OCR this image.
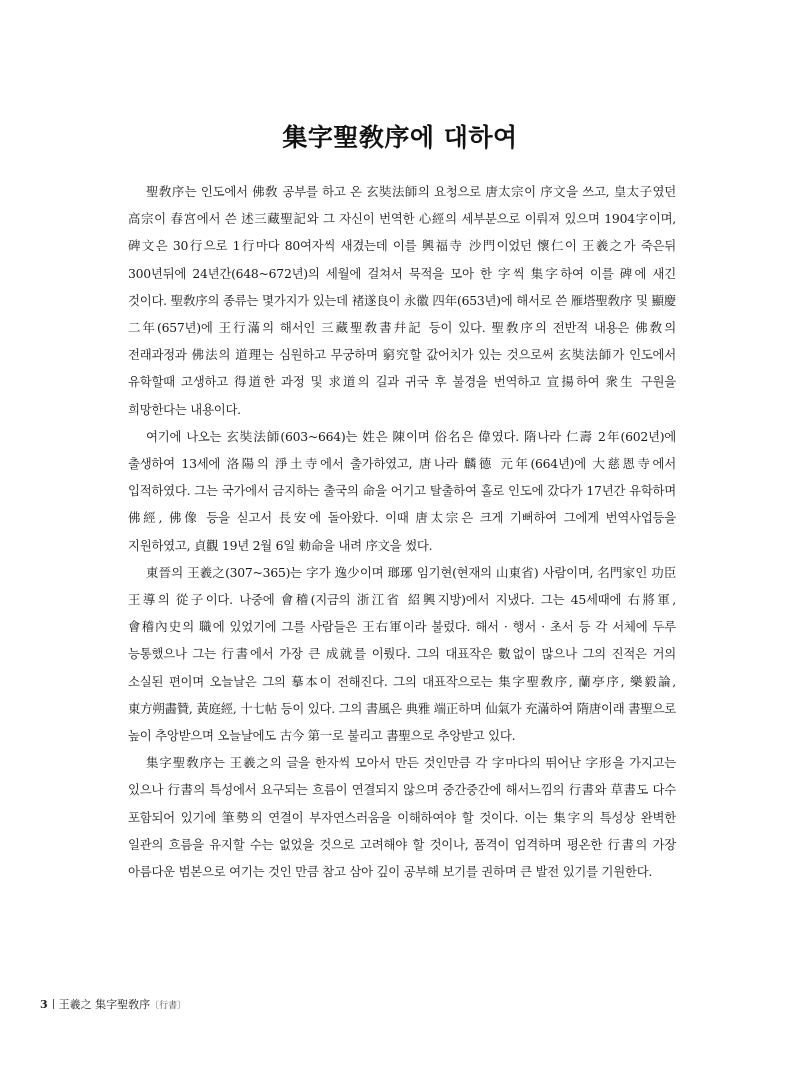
集字聖敎序에 대하여

聖敎序는 인도에서 佛敎 공부를 하고 온 玄奘法師의 요청으로 唐太宗이 序文을 쓰고, 皇太子였던 高宗이 春宮에서 쓴 述三藏聖記와 그 자신이 번역한 心經의 세부분으로 이뤄져 있으며 1904字이며, 碑文은 30行으로 1行마다 80여자씩 새겼는데 이를 興福寺 沙門이었던 懷仁이 王羲之가 죽은뒤 300년뒤에 24년간(648~672년)의 세월에 걸쳐서 묵적을 모아 한 字씩 集字하여 이를 碑에 새긴 것이다. 聖敎序의 종류는 몇가지가 있는데 褚遂良이 永徽 四年(653년)에 해서로 쓴 雁塔聖敎序 및 顯慶 二年(657년)에 王行滿의 해서인 三藏聖敎書幷記 등이 있다. 聖敎序의 전반적 내용은 佛敎의 전래과정과 佛法의 道理는 심원하고 무궁하며 窮究할 값어치가 있는 것으로써 玄奘法師가 인도에서 유학할때 고생하고 得道한 과정 및 求道의 길과 귀국 후 불경을 번역하고 宣揚하여 衆生 구원을 희망한다는 내용이다.

여기에 나오는 玄奘法師(603~664)는 姓은 陳이며 俗名은 偉였다. 隋나라 仁壽 2年(602년)에 출생하여 13세에 洛陽의 淨土寺에서 출가하였고, 唐나라 麟德 元年(664년)에 大慈恩寺에서 입적하였다. 그는 국가에서 금지하는 출국의 命을 어기고 탈출하여 홀로 인도에 갔다가 17년간 유학하며 佛經, 佛像 등을 싣고서 長安에 돌아왔다. 이때 唐太宗은 크게 기뻐하여 그에게 번역사업등을 지원하였고, 貞觀 19년 2월 6일 勅命을 내려 序文을 썼다.

東晉의 王羲之(307~365)는 字가 逸少이며 瑯琊 임기현(현재의 山東省) 사람이며, 名門家인 功臣 王導의 從子이다. 나중에 會稽(지금의 浙江省 紹興지방)에서 지냈다. 그는 45세때에 右將軍, 會稽內史의 職에 있었기에 그를 사람들은 王右軍이라 불렀다. 해서 · 행서 · 초서 등 각 서체에 두루 능통했으나 그는 行書에서 가장 큰 成就를 이뤘다. 그의 대표작은 數없이 많으나 그의 진적은 거의 소실된 편이며 오늘날은 그의 摹本이 전해진다. 그의 대표작으로는 集字聖敎序, 蘭亭序, 樂毅論, 東方朔畵贊, 黃庭經, 十七帖 등이 있다. 그의 書風은 典雅 端正하며 仙氣가 充滿하여 隋唐이래 書聖으로 높이 추앙받으며 오늘날에도 古今 第一로 불리고 書聖으로 추앙받고 있다.

集字聖敎序는 王羲之의 글을 한자씩 모아서 만든 것인만큼 각 字마다의 뛰어난 字形을 가지고는 있으나 行書의 특성에서 요구되는 흐름이 연결되지 않으며 중간중간에 해서느낌의 行書와 草書도 다수 포함되어 있기에 筆勢의 연결이 부자연스러움을 이해하여야 할 것이다. 이는 集字의 특성상 완벽한 일관의 흐름을 유지할 수는 없었을 것으로 고려해야 할 것이나, 품격이 엄격하며 평온한 行書의 가장 아름다운 범본으로 여기는 것인 만큼 참고 삼아 깊이 공부해 보기를 권하며 큰 발전 있기를 기원한다.

3 王羲之 集字聖敎序〔行書〕
